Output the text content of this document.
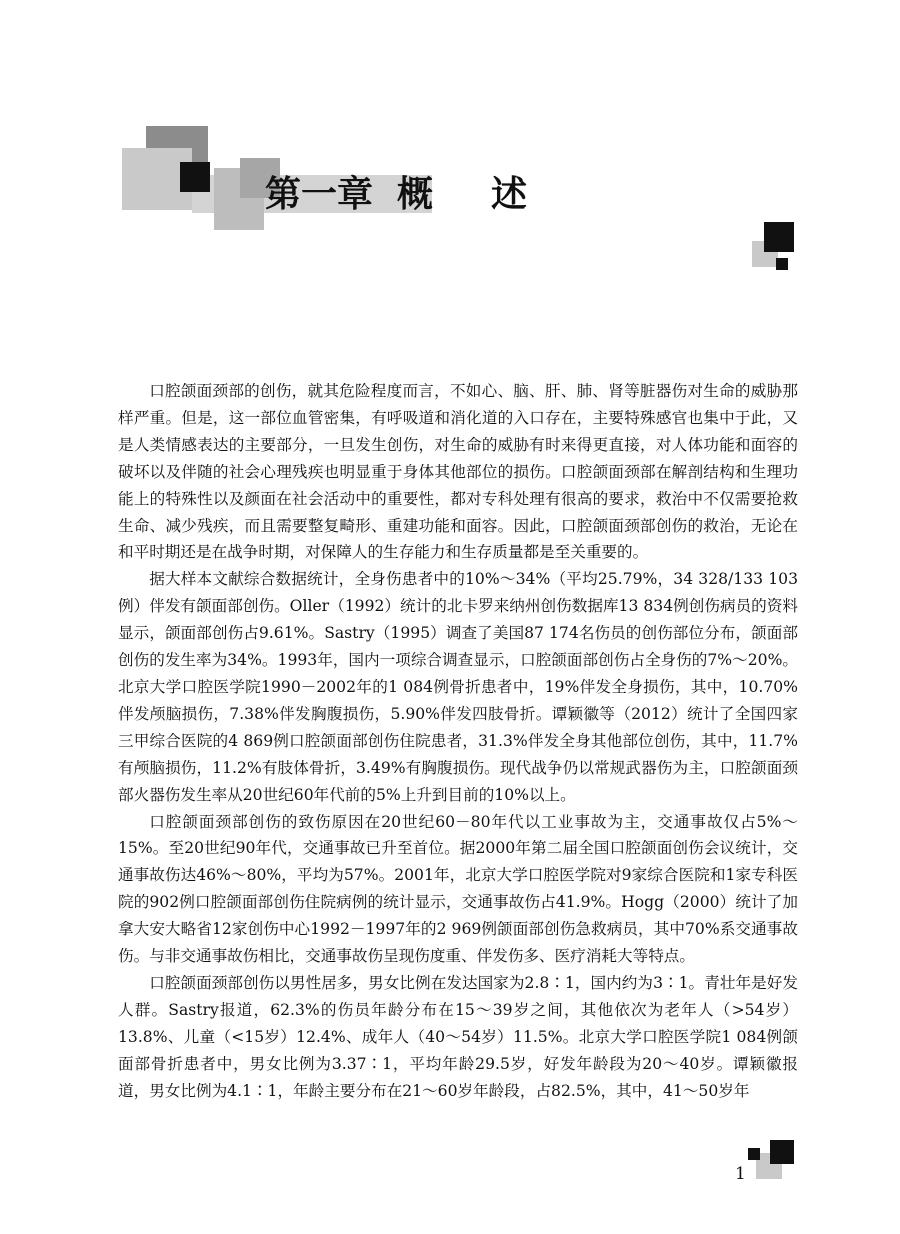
第一章 概 述

口腔颌面颈部的创伤，就其危险程度而言，不如心、脑、肝、肺、肾等脏器伤对生命的威胁那样严重。但是，这一部位血管密集，有呼吸道和消化道的入口存在，主要特殊感官也集中于此，又是人类情感表达的主要部分，一旦发生创伤，对生命的威胁有时来得更直接，对人体功能和面容的破坏以及伴随的社会心理残疾也明显重于身体其他部位的损伤。口腔颌面颈部在解剖结构和生理功能上的特殊性以及颜面在社会活动中的重要性，都对专科处理有很高的要求，救治中不仅需要抢救生命、减少残疾，而且需要整复畸形、重建功能和面容。因此，口腔颌面颈部创伤的救治，无论在和平时期还是在战争时期，对保障人的生存能力和生存质量都是至关重要的。

据大样本文献综合数据统计，全身伤患者中的10%～34%（平均25.79%，34 328/133 103例）伴发有颌面部创伤。Oller（1992）统计的北卡罗来纳州创伤数据库13 834例创伤病员的资料显示，颌面部创伤占9.61%。Sastry（1995）调查了美国87 174名伤员的创伤部位分布，颌面部创伤的发生率为34%。1993年，国内一项综合调查显示，口腔颌面部创伤占全身伤的7%～20%。北京大学口腔医学院1990－2002年的1 084例骨折患者中，19%伴发全身损伤，其中，10.70%伴发颅脑损伤，7.38%伴发胸腹损伤，5.90%伴发四肢骨折。谭颖徽等（2012）统计了全国四家三甲综合医院的4 869例口腔颌面部创伤住院患者，31.3%伴发全身其他部位创伤，其中，11.7%有颅脑损伤，11.2%有肢体骨折，3.49%有胸腹损伤。现代战争仍以常规武器伤为主，口腔颌面颈部火器伤发生率从20世纪60年代前的5%上升到目前的10%以上。

口腔颌面颈部创伤的致伤原因在20世纪60－80年代以工业事故为主，交通事故仅占5%～15%。至20世纪90年代，交通事故已升至首位。据2000年第二届全国口腔颌面创伤会议统计，交通事故伤达46%～80%，平均为57%。2001年，北京大学口腔医学院对9家综合医院和1家专科医院的902例口腔颌面部创伤住院病例的统计显示，交通事故伤占41.9%。Hogg（2000）统计了加拿大安大略省12家创伤中心1992－1997年的2 969例颌面部创伤急救病员，其中70%系交通事故伤。与非交通事故伤相比，交通事故伤呈现伤度重、伴发伤多、医疗消耗大等特点。

口腔颌面颈部创伤以男性居多，男女比例在发达国家为2.8∶1，国内约为3∶1。青壮年是好发人群。Sastry报道，62.3%的伤员年龄分布在15～39岁之间，其他依次为老年人（>54岁）13.8%、儿童（<15岁）12.4%、成年人（40～54岁）11.5%。北京大学口腔医学院1 084例颌面部骨折患者中，男女比例为3.37∶1，平均年龄29.5岁，好发年龄段为20～40岁。谭颖徽报道，男女比例为4.1∶1，年龄主要分布在21～60岁年龄段，占82.5%，其中，41～50岁年

1
